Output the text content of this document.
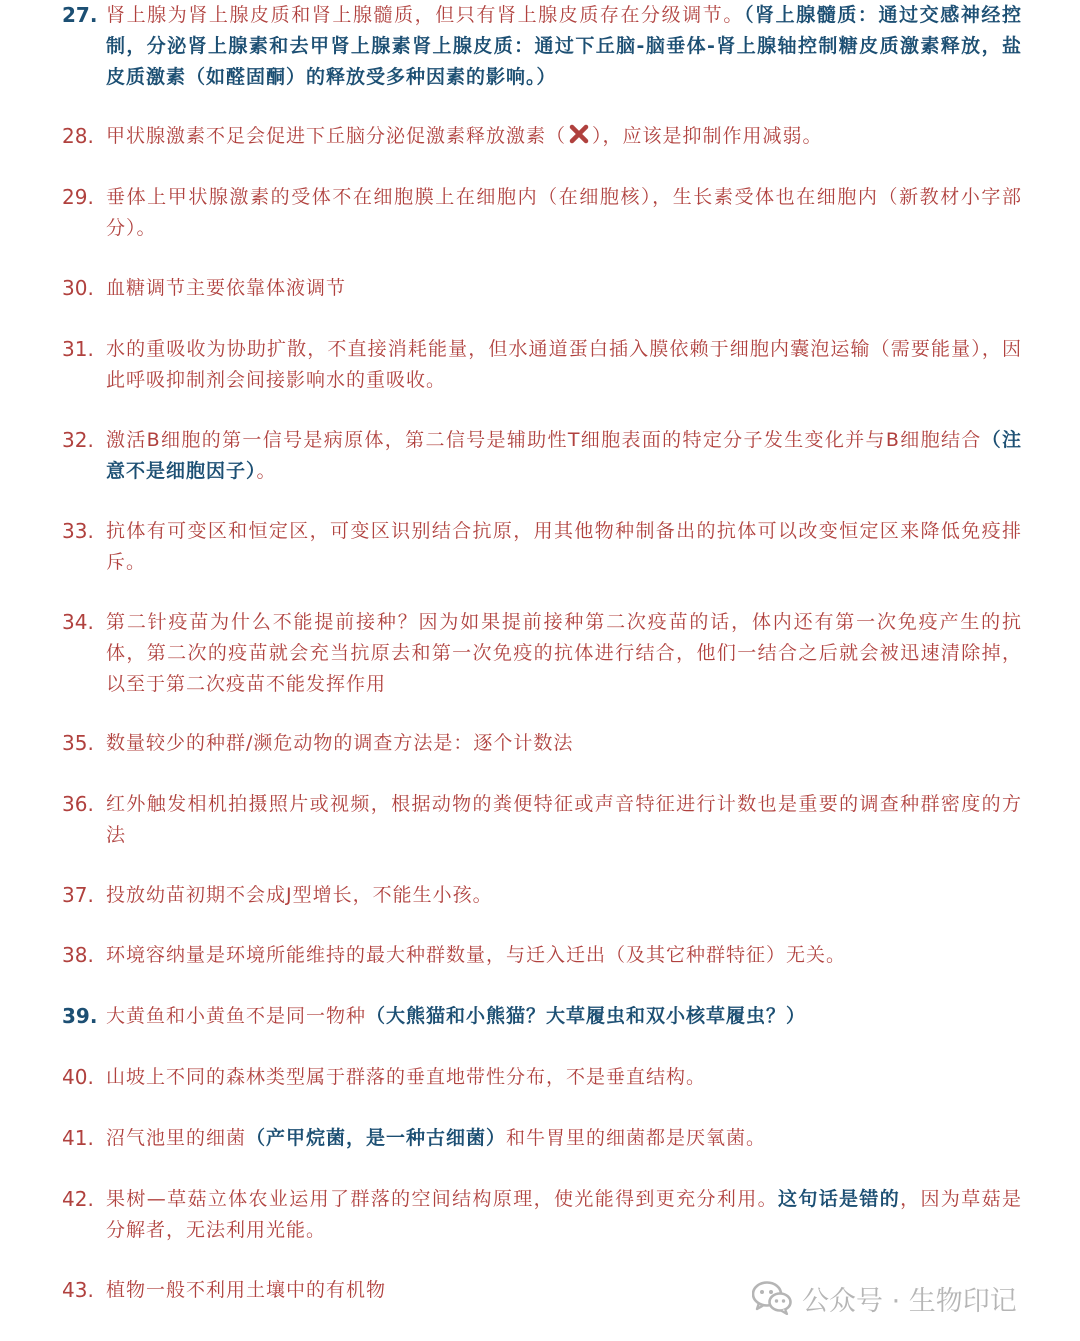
27. 肾上腺为肾上腺皮质和肾上腺髓质，但只有肾上腺皮质存在分级调节。（肾上腺髓质：通过交感神经控制，分泌肾上腺素和去甲肾上腺素肾上腺皮质：通过下丘脑-脑垂体-肾上腺轴控制糖皮质激素释放，盐皮质激素（如醛固酮）的释放受多种因素的影响。）
28. 甲状腺激素不足会促进下丘脑分泌促激素释放激素（ ），应该是抑制作用减弱。
29. 垂体上甲状腺激素的受体不在细胞膜上在细胞内（在细胞核），生长素受体也在细胞内（新教材小字部分）。
30. 血糖调节主要依靠体液调节
31. 水的重吸收为协助扩散，不直接消耗能量，但水通道蛋白插入膜依赖于细胞内囊泡运输（需要能量），因此呼吸抑制剂会间接影响水的重吸收。
32. 激活B细胞的第一信号是病原体，第二信号是辅助性T细胞表面的特定分子发生变化并与B细胞结合（注意不是细胞因子）。
33. 抗体有可变区和恒定区，可变区识别结合抗原，用其他物种制备出的抗体可以改变恒定区来降低免疫排斥。
34. 第二针疫苗为什么不能提前接种？因为如果提前接种第二次疫苗的话，体内还有第一次免疫产生的抗体，第二次的疫苗就会充当抗原去和第一次免疫的抗体进行结合，他们一结合之后就会被迅速清除掉，以至于第二次疫苗不能发挥作用
35. 数量较少的种群/濒危动物的调查方法是：逐个计数法
36. 红外触发相机拍摄照片或视频，根据动物的粪便特征或声音特征进行计数也是重要的调查种群密度的方法
37. 投放幼苗初期不会成J型增长，不能生小孩。
38. 环境容纳量是环境所能维持的最大种群数量，与迁入迁出（及其它种群特征）无关。
39. 大黄鱼和小黄鱼不是同一物种（大熊猫和小熊猫？大草履虫和双小核草履虫？）
40. 山坡上不同的森林类型属于群落的垂直地带性分布，不是垂直结构。
41. 沼气池里的细菌（产甲烷菌，是一种古细菌）和牛胃里的细菌都是厌氧菌。
42. 果树—草菇立体农业运用了群落的空间结构原理，使光能得到更充分利用。这句话是错的，因为草菇是分解者，无法利用光能。
43. 植物一般不利用土壤中的有机物	公众号 · 生物印记
